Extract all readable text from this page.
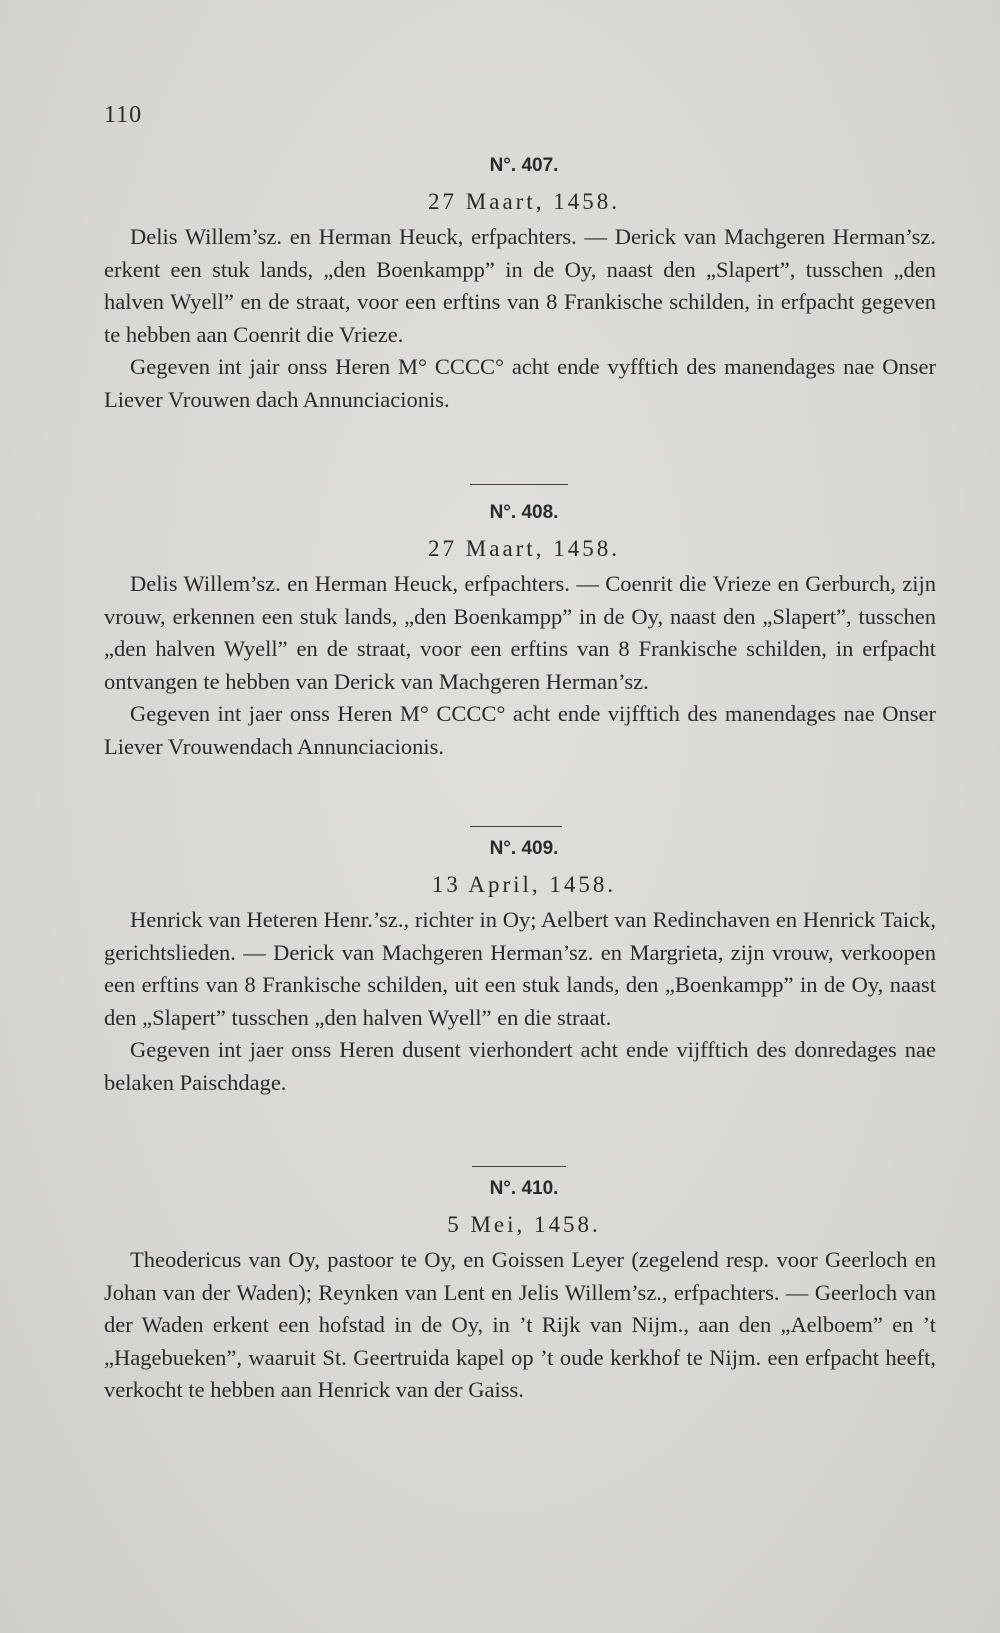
110
N°. 407.
27 Maart, 1458.

Delis Willem’sz. en Herman Heuck, erfpachters. — Derick van Machgeren Herman’sz. erkent een stuk lands, „den Boenkampp” in de Oy, naast den „Slapert”, tusschen „den halven Wyell” en de straat, voor een erftins van 8 Frankische schilden, in erfpacht gegeven te hebben aan Coenrit die Vrieze.

Gegeven int jair onss Heren M° CCCC° acht ende vyfftich des manendages nae Onser Liever Vrouwen dach Annunciacionis.

N°. 408.
27 Maart, 1458.

Delis Willem’sz. en Herman Heuck, erfpachters. — Coenrit die Vrieze en Gerburch, zijn vrouw, erkennen een stuk lands, „den Boenkampp” in de Oy, naast den „Slapert”, tusschen „den halven Wyell” en de straat, voor een erftins van 8 Frankische schilden, in erfpacht ontvangen te hebben van Derick van Machgeren Herman’sz.

Gegeven int jaer onss Heren M° CCCC° acht ende vijfftich des manendages nae Onser Liever Vrouwendach Annunciacionis.

N°. 409.
13 April, 1458.

Henrick van Heteren Henr.’sz., richter in Oy; Aelbert van Redinchaven en Henrick Taick, gerichtslieden. — Derick van Machgeren Herman’sz. en Margrieta, zijn vrouw, verkoopen een erftins van 8 Frankische schilden, uit een stuk lands, den „Boenkampp” in de Oy, naast den „Slapert” tusschen „den halven Wyell” en die straat.

Gegeven int jaer onss Heren dusent vierhondert acht ende vijfftich des donredages nae belaken Paischdage.

N°. 410.
5 Mei, 1458.

Theodericus van Oy, pastoor te Oy, en Goissen Leyer (zegelend resp. voor Geerloch en Johan van der Waden); Reynken van Lent en Jelis Willem’sz., erfpachters. — Geerloch van der Waden erkent een hofstad in de Oy, in ’t Rijk van Nijm., aan den „Aelboem” en ’t „Hagebueken”, waaruit St. Geertruida kapel op ’t oude kerkhof te Nijm. een erfpacht heeft, verkocht te hebben aan Henrick van der Gaiss.
